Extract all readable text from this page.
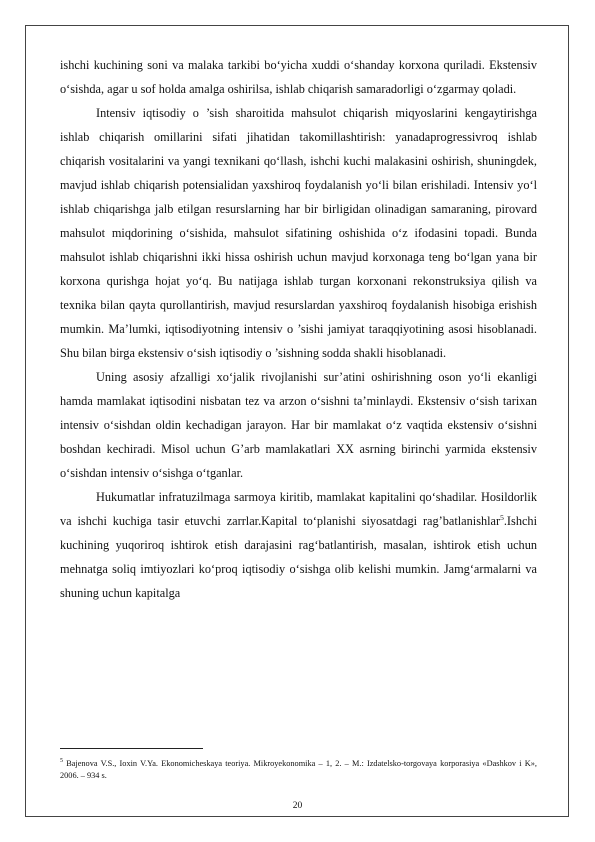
ishchi kuchining soni va malaka tarkibi bo‘yicha xuddi o‘shanday korxona quriladi. Ekstensiv o‘sishda, agar u sof holda amalga oshirilsa, ishlab chiqarish samaradorligi o‘zgarmay qoladi.

Intensiv iqtisodiy o ’sish sharoitida mahsulot chiqarish miqyoslarini kengaytirishga ishlab chiqarish omillarini sifati jihatidan takomillashtirish: yanadaprogressivroq ishlab chiqarish vositalarini va yangi texnikani qo‘llash, ishchi kuchi malakasini oshirish, shuningdek, mavjud ishlab chiqarish potensialidan yaxshiroq foydalanish yo‘li bilan erishiladi. Intensiv yo‘l ishlab chiqarishga jalb etilgan resurslarning har bir birligidan olinadigan samaraning, pirovard mahsulot miqdorining o‘sishida, mahsulot sifatining oshishida o‘z ifodasini topadi. Bunda mahsulot ishlab chiqarishni ikki hissa oshirish uchun mavjud korxonaga teng bo‘lgan yana bir korxona qurishga hojat yo‘q. Bu natijaga ishlab turgan korxonani rekonstruksiya qilish va texnika bilan qayta qurollantirish, mavjud resurslardan yaxshiroq foydalanish hisobiga erishish mumkin. Ma’lumki, iqtisodiyotning intensiv o ’sishi jamiyat taraqqiyotining asosi hisoblanadi. Shu bilan birga ekstensiv o‘sish iqtisodiy o ’sishning sodda shakli hisoblanadi.

Uning asosiy afzalligi xo‘jalik rivojlanishi sur’atini oshirishning oson yo‘li ekanligi hamda mamlakat iqtisodini nisbatan tez va arzon o‘sishni ta’minlaydi. Ekstensiv o‘sish tarixan intensiv o‘sishdan oldin kechadigan jarayon. Har bir mamlakat o‘z vaqtida ekstensiv o‘sishni boshdan kechiradi. Misol uchun G’arb mamlakatlari XX asrning birinchi yarmida ekstensiv o‘sishdan intensiv o‘sishga o‘tganlar.

Hukumatlar infratuzilmaga sarmoya kiritib, mamlakat kapitalini qo‘shadilar. Hosildorlik va ishchi kuchiga tasir etuvchi zarrlar.Kapital to‘planishi siyosatdagi rag’batlanishlar$^5$.Ishchi kuchining yuqoriroq ishtirok etish darajasini rag‘batlantirish, masalan, ishtirok etish uchun mehnatga soliq imtiyozlari ko‘proq iqtisodiy o‘sishga olib kelishi mumkin. Jamg‘armalarni va shuning uchun kapitalga

$^5$ Bajenova V.S., Ioxin V.Ya. Ekonomicheskaya teoriya. Mikroyekonomika – 1, 2. – M.: Izdatelsko-torgovaya korporasiya «Dashkov i K», 2006. – 934 s.
20
